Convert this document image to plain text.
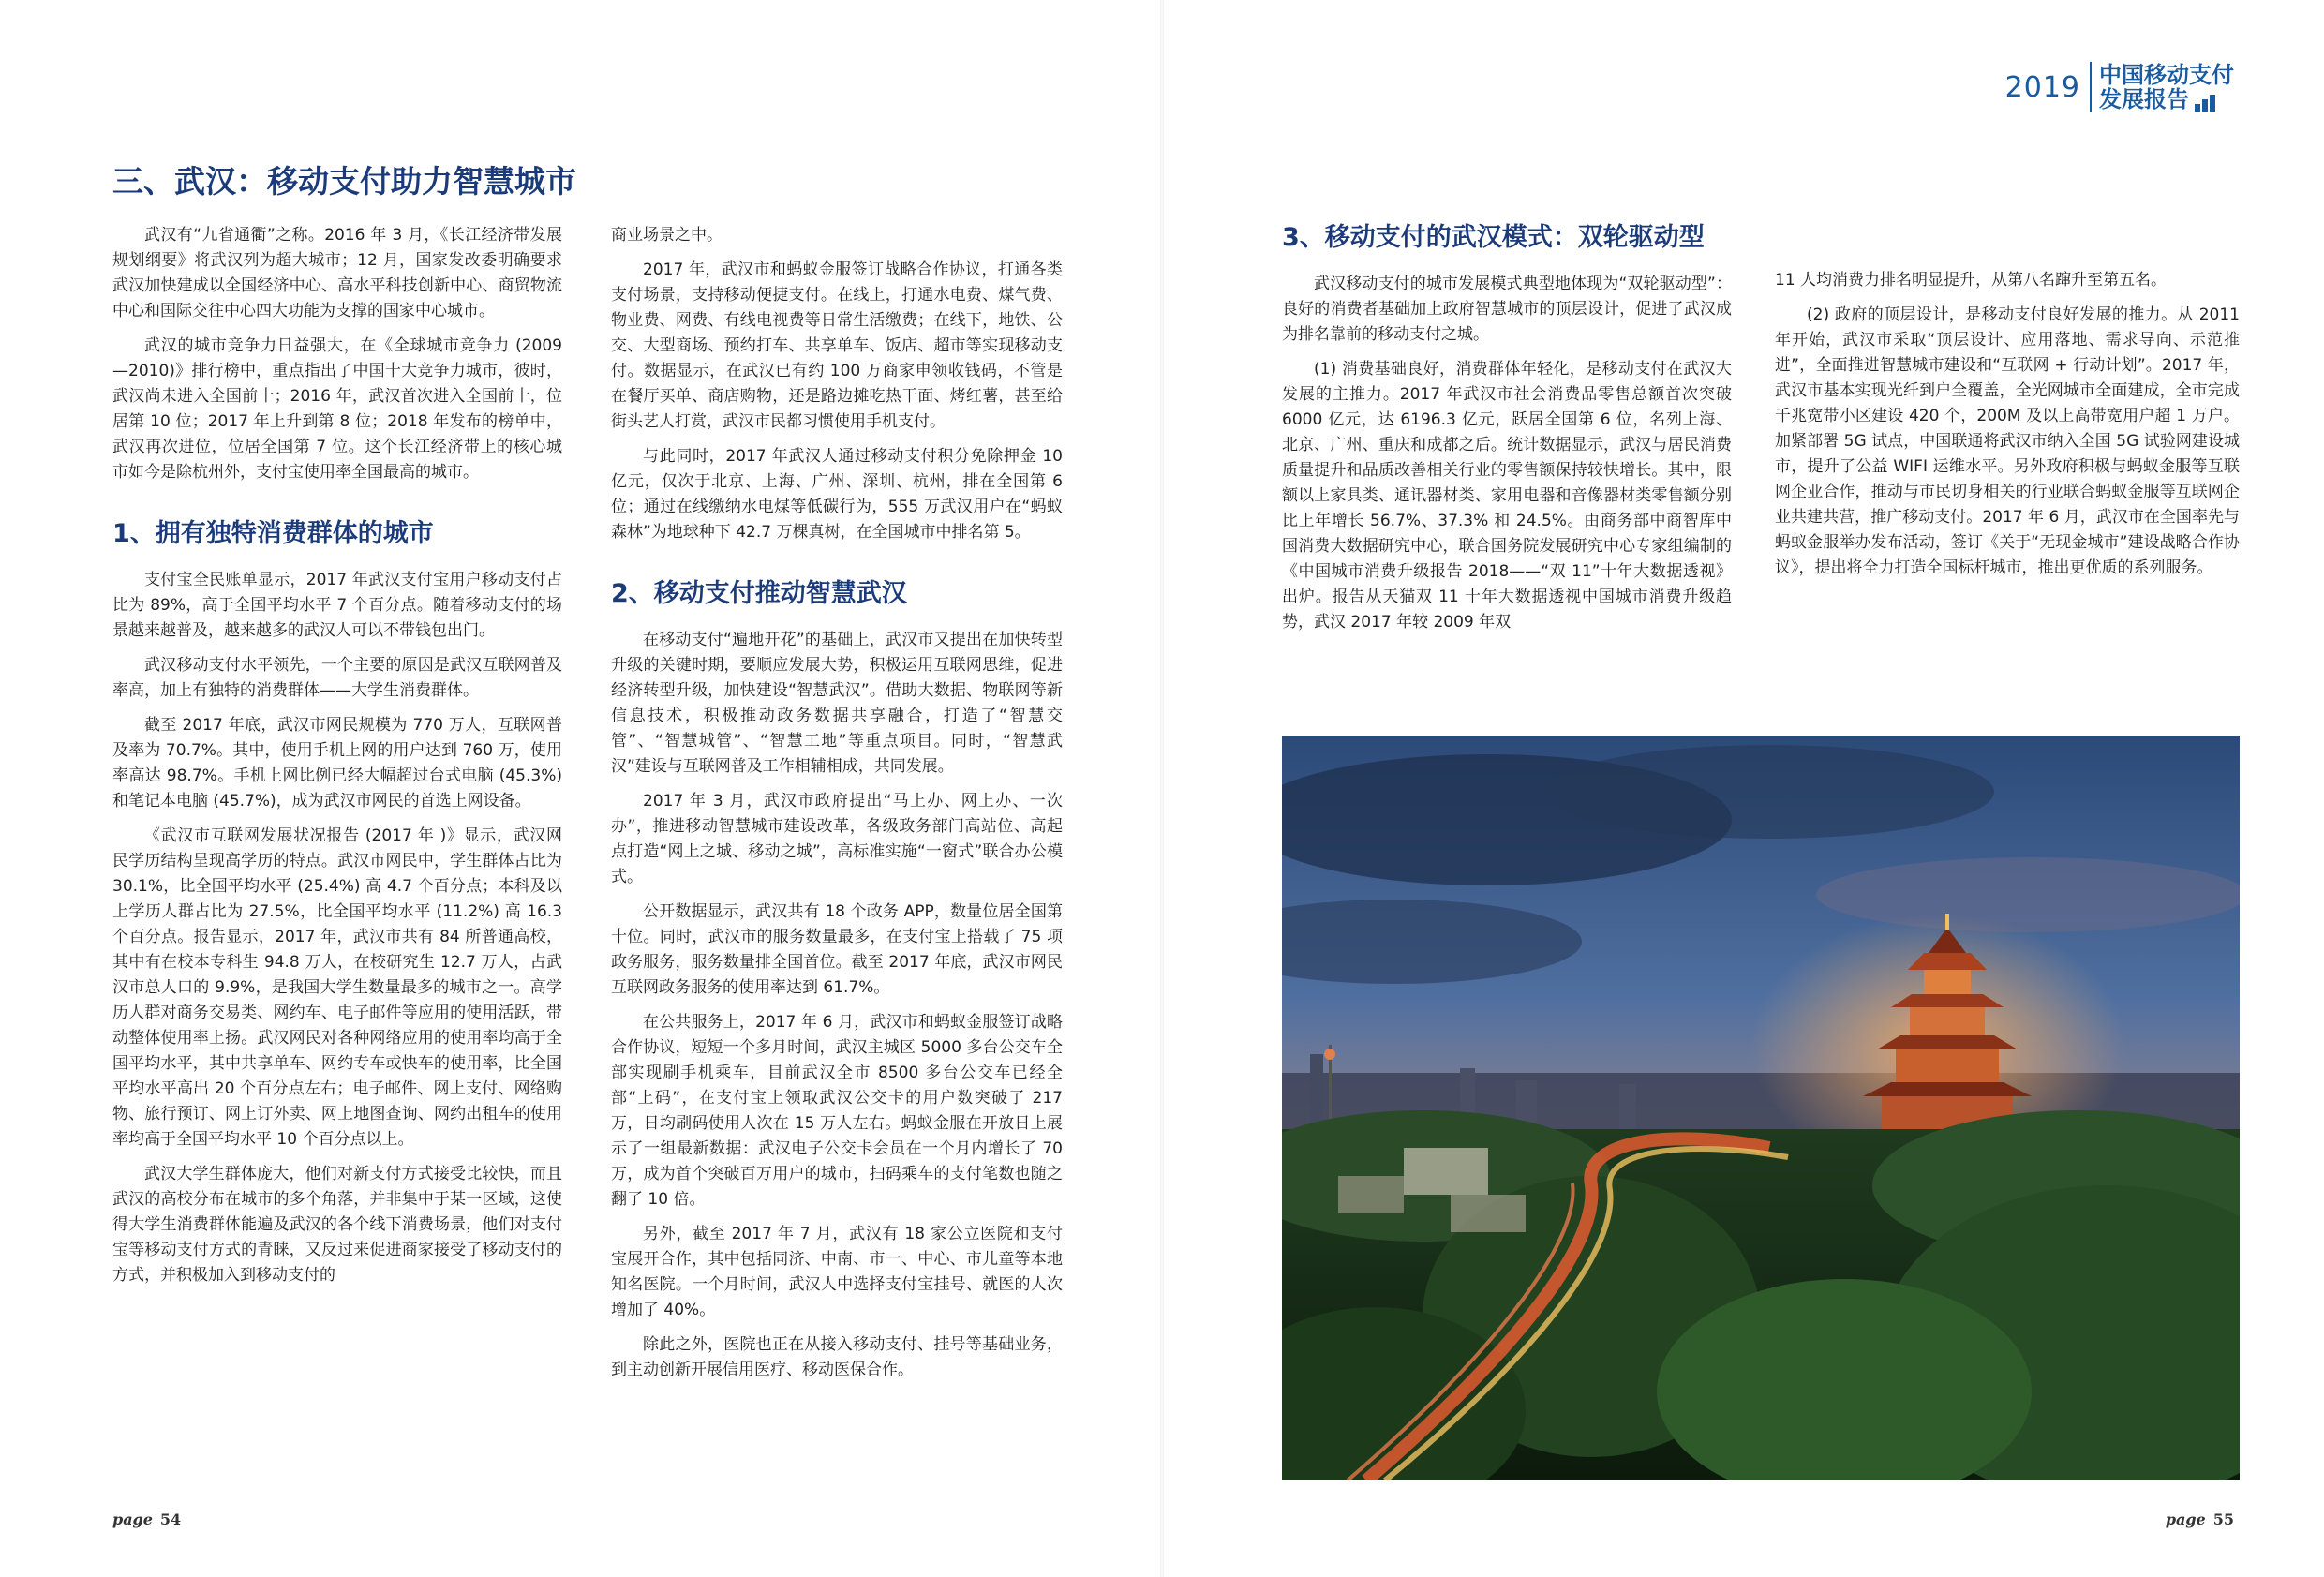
三、武汉：移动支付助力智慧城市

武汉有“九省通衢”之称。2016 年 3 月，《长江经济带发展规划纲要》将武汉列为超大城市；12 月，国家发改委明确要求武汉加快建成以全国经济中心、高水平科技创新中心、商贸物流中心和国际交往中心四大功能为支撑的国家中心城市。

武汉的城市竞争力日益强大，在《全球城市竞争力 (2009—2010)》排行榜中，重点指出了中国十大竞争力城市，彼时，武汉尚未进入全国前十；2016 年，武汉首次进入全国前十，位居第 10 位；2017 年上升到第 8 位；2018 年发布的榜单中，武汉再次进位，位居全国第 7 位。这个长江经济带上的核心城市如今是除杭州外，支付宝使用率全国最高的城市。

1、拥有独特消费群体的城市

支付宝全民账单显示，2017 年武汉支付宝用户移动支付占比为 89%，高于全国平均水平 7 个百分点。随着移动支付的场景越来越普及，越来越多的武汉人可以不带钱包出门。

武汉移动支付水平领先，一个主要的原因是武汉互联网普及率高，加上有独特的消费群体——大学生消费群体。

截至 2017 年底，武汉市网民规模为 770 万人，互联网普及率为 70.7%。其中，使用手机上网的用户达到 760 万，使用率高达 98.7%。手机上网比例已经大幅超过台式电脑 (45.3%) 和笔记本电脑 (45.7%)，成为武汉市网民的首选上网设备。

《武汉市互联网发展状况报告 (2017 年 )》显示，武汉网民学历结构呈现高学历的特点。武汉市网民中，学生群体占比为 30.1%，比全国平均水平 (25.4%) 高 4.7 个百分点；本科及以上学历人群占比为 27.5%，比全国平均水平 (11.2%) 高 16.3 个百分点。报告显示，2017 年，武汉市共有 84 所普通高校，其中有在校本专科生 94.8 万人，在校研究生 12.7 万人，占武汉市总人口的 9.9%，是我国大学生数量最多的城市之一。高学历人群对商务交易类、网约车、电子邮件等应用的使用活跃，带动整体使用率上扬。武汉网民对各种网络应用的使用率均高于全国平均水平，其中共享单车、网约专车或快车的使用率，比全国平均水平高出 20 个百分点左右；电子邮件、网上支付、网络购物、旅行预订、网上订外卖、网上地图查询、网约出租车的使用率均高于全国平均水平 10 个百分点以上。

武汉大学生群体庞大，他们对新支付方式接受比较快，而且武汉的高校分布在城市的多个角落，并非集中于某一区域，这使得大学生消费群体能遍及武汉的各个线下消费场景，他们对支付宝等移动支付方式的青睐，又反过来促进商家接受了移动支付的方式，并积极加入到移动支付的

商业场景之中。

2017 年，武汉市和蚂蚁金服签订战略合作协议，打通各类支付场景，支持移动便捷支付。在线上，打通水电费、煤气费、物业费、网费、有线电视费等日常生活缴费；在线下，地铁、公交、大型商场、预约打车、共享单车、饭店、超市等实现移动支付。数据显示，在武汉已有约 100 万商家申领收钱码，不管是在餐厅买单、商店购物，还是路边摊吃热干面、烤红薯，甚至给街头艺人打赏，武汉市民都习惯使用手机支付。

与此同时，2017 年武汉人通过移动支付积分免除押金 10 亿元，仅次于北京、上海、广州、深圳、杭州，排在全国第 6 位；通过在线缴纳水电煤等低碳行为，555 万武汉用户在“蚂蚁森林”为地球种下 42.7 万棵真树，在全国城市中排名第 5。

2、移动支付推动智慧武汉

在移动支付“遍地开花”的基础上，武汉市又提出在加快转型升级的关键时期，要顺应发展大势，积极运用互联网思维，促进经济转型升级，加快建设“智慧武汉”。借助大数据、物联网等新信息技术，积极推动政务数据共享融合，打造了“智慧交管”、“智慧城管”、“智慧工地”等重点项目。同时，“智慧武汉”建设与互联网普及工作相辅相成，共同发展。

2017 年 3 月，武汉市政府提出“马上办、网上办、一次办”，推进移动智慧城市建设改革，各级政务部门高站位、高起点打造“网上之城、移动之城”，高标准实施“一窗式”联合办公模式。

公开数据显示，武汉共有 18 个政务 APP，数量位居全国第十位。同时，武汉市的服务数量最多，在支付宝上搭载了 75 项政务服务，服务数量排全国首位。截至 2017 年底，武汉市网民互联网政务服务的使用率达到 61.7%。

在公共服务上，2017 年 6 月，武汉市和蚂蚁金服签订战略合作协议，短短一个多月时间，武汉主城区 5000 多台公交车全部实现刷手机乘车，目前武汉全市 8500 多台公交车已经全部“上码”，在支付宝上领取武汉公交卡的用户数突破了 217 万，日均刷码使用人次在 15 万人左右。蚂蚁金服在开放日上展示了一组最新数据：武汉电子公交卡会员在一个月内增长了 70 万，成为首个突破百万用户的城市，扫码乘车的支付笔数也随之翻了 10 倍。

另外，截至 2017 年 7 月，武汉有 18 家公立医院和支付宝展开合作，其中包括同济、中南、市一、中心、市儿童等本地知名医院。一个月时间，武汉人中选择支付宝挂号、就医的人次增加了 40%。

除此之外，医院也正在从接入移动支付、挂号等基础业务，到主动创新开展信用医疗、移动医保合作。

page 54	page 55
2019 中国移动支付
发展报告
3、移动支付的武汉模式：双轮驱动型

武汉移动支付的城市发展模式典型地体现为“双轮驱动型”：良好的消费者基础加上政府智慧城市的顶层设计，促进了武汉成为排名靠前的移动支付之城。

(1) 消费基础良好，消费群体年轻化，是移动支付在武汉大发展的主推力。2017 年武汉市社会消费品零售总额首次突破 6000 亿元，达 6196.3 亿元，跃居全国第 6 位，名列上海、北京、广州、重庆和成都之后。统计数据显示，武汉与居民消费质量提升和品质改善相关行业的零售额保持较快增长。其中，限额以上家具类、通讯器材类、家用电器和音像器材类零售额分别比上年增长 56.7%、37.3% 和 24.5%。由商务部中商智库中国消费大数据研究中心，联合国务院发展研究中心专家组编制的《中国城市消费升级报告 2018——“双 11”十年大数据透视》出炉。报告从天猫双 11 十年大数据透视中国城市消费升级趋势，武汉 2017 年较 2009 年双

11 人均消费力排名明显提升，从第八名蹿升至第五名。

(2) 政府的顶层设计，是移动支付良好发展的推力。从 2011 年开始，武汉市采取“顶层设计、应用落地、需求导向、示范推进”，全面推进智慧城市建设和“互联网 + 行动计划”。2017 年，武汉市基本实现光纤到户全覆盖，全光网城市全面建成，全市完成千兆宽带小区建设 420 个，200M 及以上高带宽用户超 1 万户。加紧部署 5G 试点，中国联通将武汉市纳入全国 5G 试验网建设城市，提升了公益 WIFI 运维水平。另外政府积极与蚂蚁金服等互联网企业合作，推动与市民切身相关的行业联合蚂蚁金服等互联网企业共建共营，推广移动支付。2017 年 6 月，武汉市在全国率先与蚂蚁金服举办发布活动，签订《关于“无现金城市”建设战略合作协议》，提出将全力打造全国标杆城市，推出更优质的系列服务。
